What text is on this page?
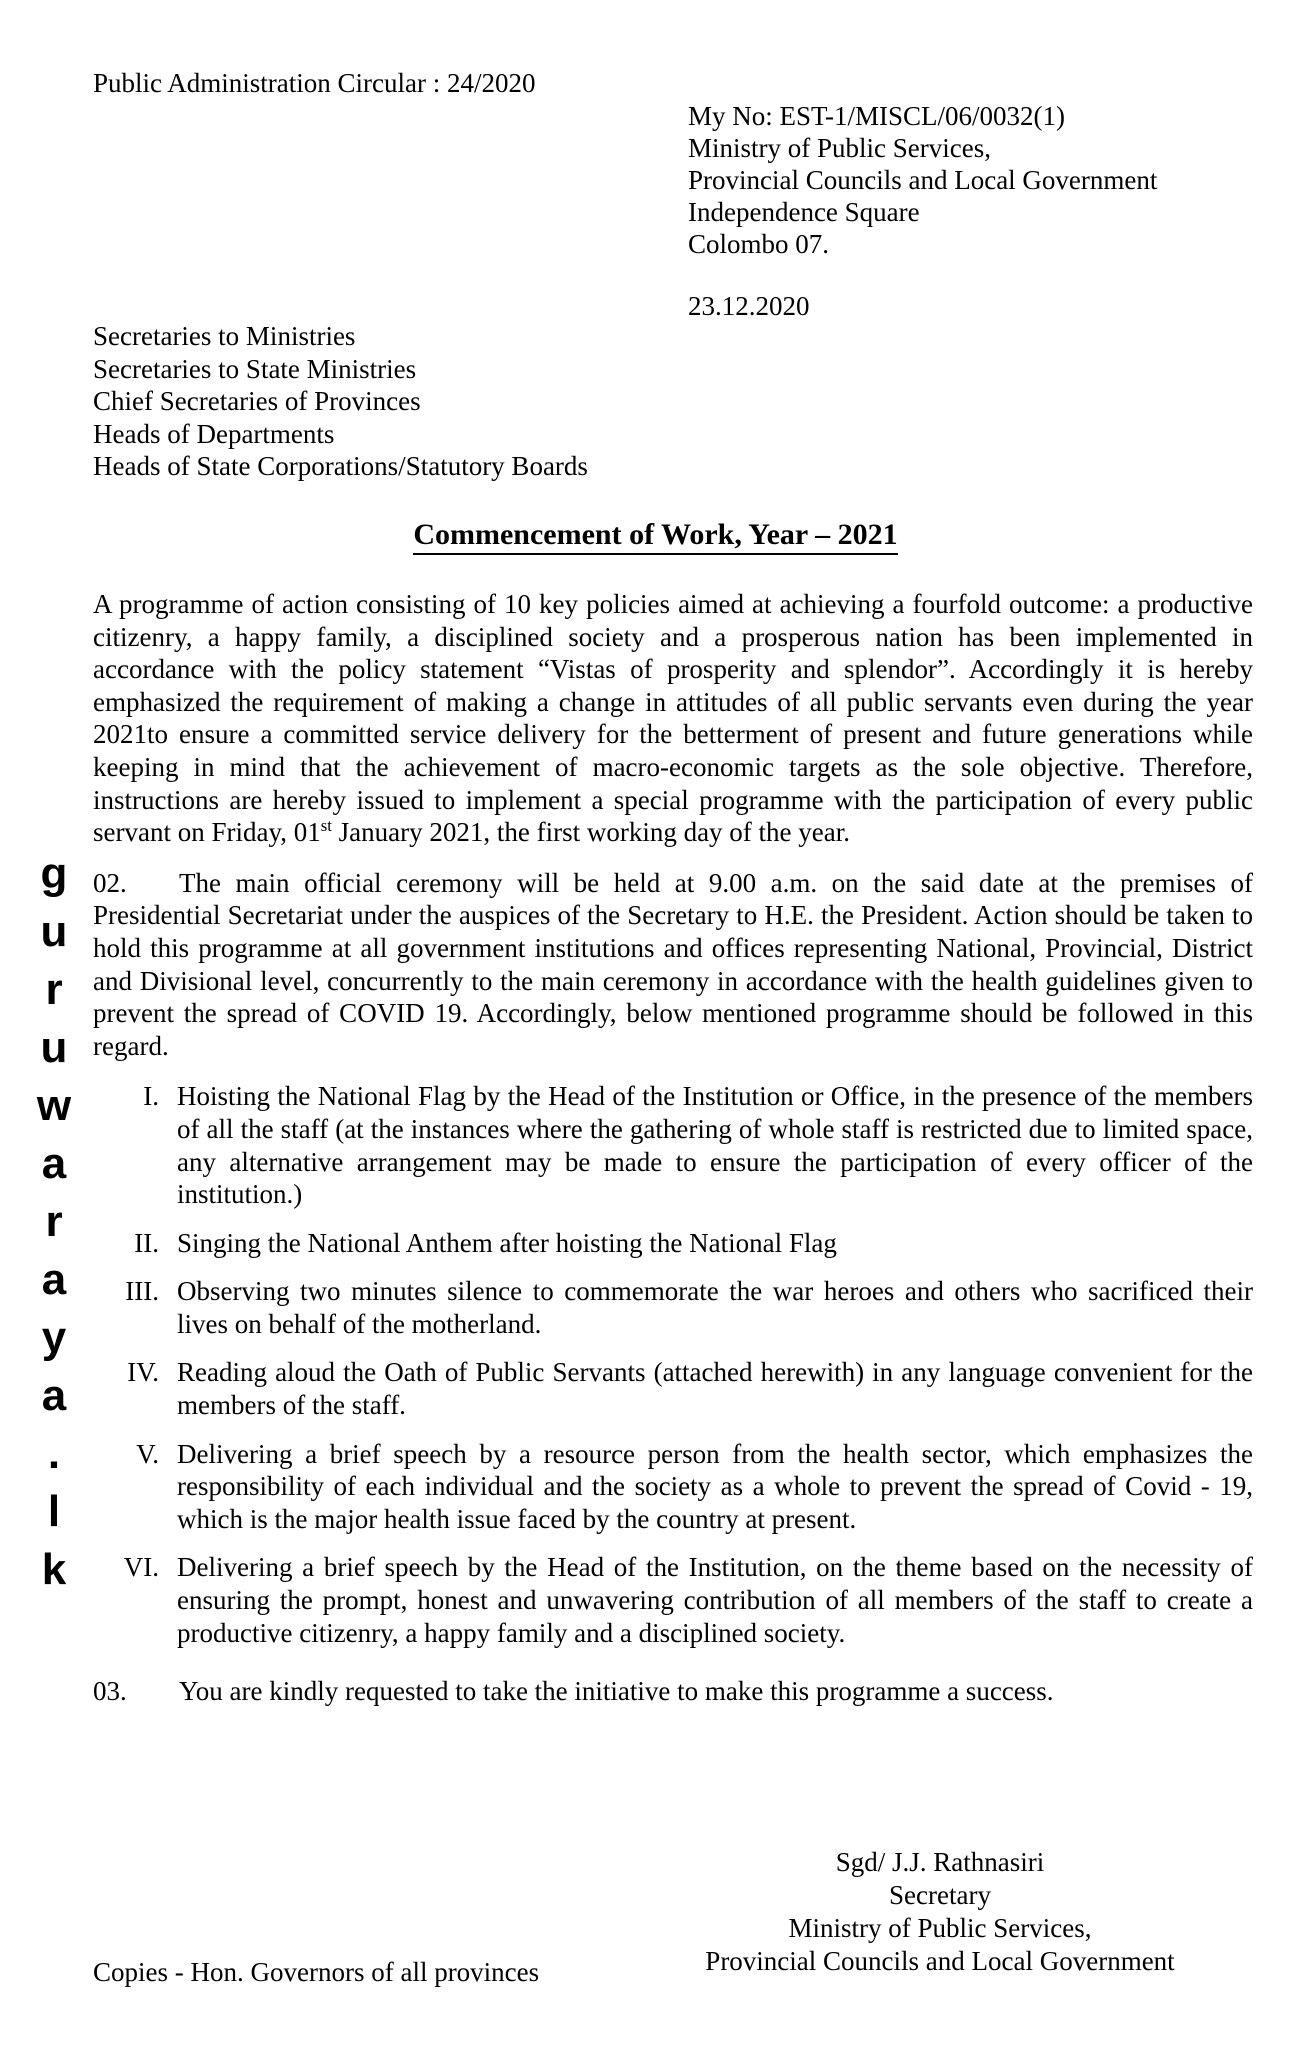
g
u
r
u
w
a
r
a
y
a
.
l
k
Public Administration Circular : 24/2020
My No: EST-1/MISCL/06/0032(1)
Ministry of Public Services,
Provincial Councils and Local Government
Independence Square
Colombo 07.
23.12.2020
Secretaries to Ministries
Secretaries to State Ministries
Chief Secretaries of Provinces
Heads of Departments
Heads of State Corporations/Statutory Boards
Commencement of Work, Year – 2021

A programme of action consisting of 10 key policies aimed at achieving a fourfold outcome: a productive citizenry, a happy family, a disciplined society and a prosperous nation has been implemented in accordance with the policy statement “Vistas of prosperity and splendor”. Accordingly it is hereby emphasized the requirement of making a change in attitudes of all public servants even during the year 2021to ensure a committed service delivery for the betterment of present and future generations while keeping in mind that the achievement of macro-economic targets as the sole objective. Therefore, instructions are hereby issued to implement a special programme with the participation of every public servant on Friday, 01st January 2021, the first working day of the year.

02. The main official ceremony will be held at 9.00 a.m. on the said date at the premises of Presidential Secretariat under the auspices of the Secretary to H.E. the President. Action should be taken to hold this programme at all government institutions and offices representing National, Provincial, District and Divisional level, concurrently to the main ceremony in accordance with the health guidelines given to prevent the spread of COVID 19. Accordingly, below mentioned programme should be followed in this regard.

I. Hoisting the National Flag by the Head of the Institution or Office, in the presence of the members of all the staff (at the instances where the gathering of whole staff is restricted due to limited space, any alternative arrangement may be made to ensure the participation of every officer of the institution.)
II. Singing the National Anthem after hoisting the National Flag
III. Observing two minutes silence to commemorate the war heroes and others who sacrificed their lives on behalf of the motherland.
IV. Reading aloud the Oath of Public Servants (attached herewith) in any language convenient for the members of the staff.
V. Delivering a brief speech by a resource person from the health sector, which emphasizes the responsibility of each individual and the society as a whole to prevent the spread of Covid - 19, which is the major health issue faced by the country at present.
VI. Delivering a brief speech by the Head of the Institution, on the theme based on the necessity of ensuring the prompt, honest and unwavering contribution of all members of the staff to create a productive citizenry, a happy family and a disciplined society.

03. You are kindly requested to take the initiative to make this programme a success.

Sgd/ J.J. Rathnasiri
Secretary
Ministry of Public Services,
Provincial Councils and Local Government
Copies - Hon. Governors of all provinces
